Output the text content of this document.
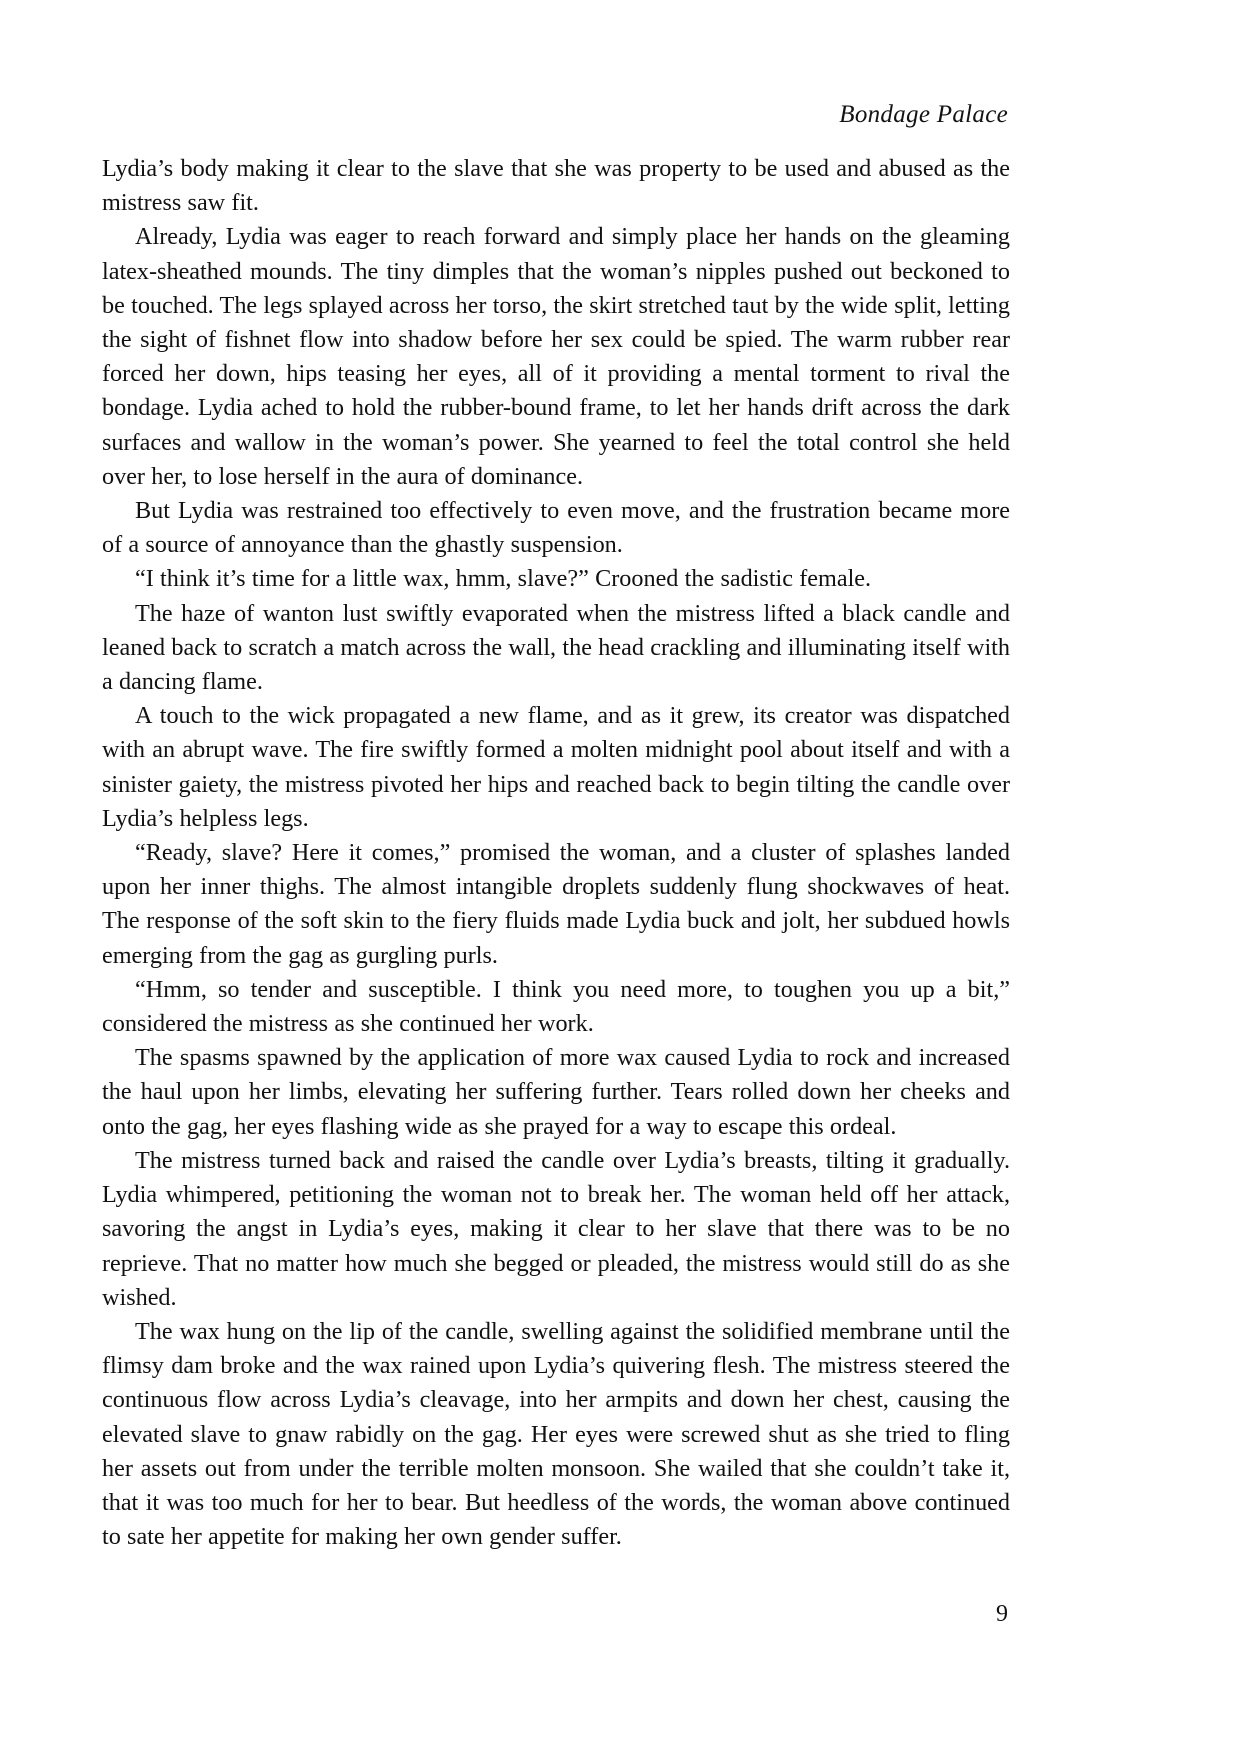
Bondage Palace

Lydia’s body making it clear to the slave that she was property to be used and abused as the mistress saw fit.

Already, Lydia was eager to reach forward and simply place her hands on the gleaming latex-sheathed mounds. The tiny dimples that the woman’s nipples pushed out beckoned to be touched. The legs splayed across her torso, the skirt stretched taut by the wide split, letting the sight of fishnet flow into shadow before her sex could be spied. The warm rubber rear forced her down, hips teasing her eyes, all of it providing a mental torment to rival the bondage. Lydia ached to hold the rubber-bound frame, to let her hands drift across the dark surfaces and wallow in the woman’s power. She yearned to feel the total control she held over her, to lose herself in the aura of dominance.

But Lydia was restrained too effectively to even move, and the frustration became more of a source of annoyance than the ghastly suspension.

“I think it’s time for a little wax, hmm, slave?” Crooned the sadistic female.

The haze of wanton lust swiftly evaporated when the mistress lifted a black candle and leaned back to scratch a match across the wall, the head crackling and illuminating itself with a dancing flame.

A touch to the wick propagated a new flame, and as it grew, its creator was dispatched with an abrupt wave. The fire swiftly formed a molten midnight pool about itself and with a sinister gaiety, the mistress pivoted her hips and reached back to begin tilting the candle over Lydia’s helpless legs.

“Ready, slave? Here it comes,” promised the woman, and a cluster of splashes landed upon her inner thighs. The almost intangible droplets suddenly flung shockwaves of heat. The response of the soft skin to the fiery fluids made Lydia buck and jolt, her subdued howls emerging from the gag as gurgling purls.

“Hmm, so tender and susceptible. I think you need more, to toughen you up a bit,” considered the mistress as she continued her work.

The spasms spawned by the application of more wax caused Lydia to rock and increased the haul upon her limbs, elevating her suffering further. Tears rolled down her cheeks and onto the gag, her eyes flashing wide as she prayed for a way to escape this ordeal.

The mistress turned back and raised the candle over Lydia’s breasts, tilting it gradually. Lydia whimpered, petitioning the woman not to break her. The woman held off her attack, savoring the angst in Lydia’s eyes, making it clear to her slave that there was to be no reprieve. That no matter how much she begged or pleaded, the mistress would still do as she wished.

The wax hung on the lip of the candle, swelling against the solidified membrane until the flimsy dam broke and the wax rained upon Lydia’s quivering flesh. The mistress steered the continuous flow across Lydia’s cleavage, into her armpits and down her chest, causing the elevated slave to gnaw rabidly on the gag. Her eyes were screwed shut as she tried to fling her assets out from under the terrible molten monsoon. She wailed that she couldn’t take it, that it was too much for her to bear. But heedless of the words, the woman above continued to sate her appetite for making her own gender suffer.

9
